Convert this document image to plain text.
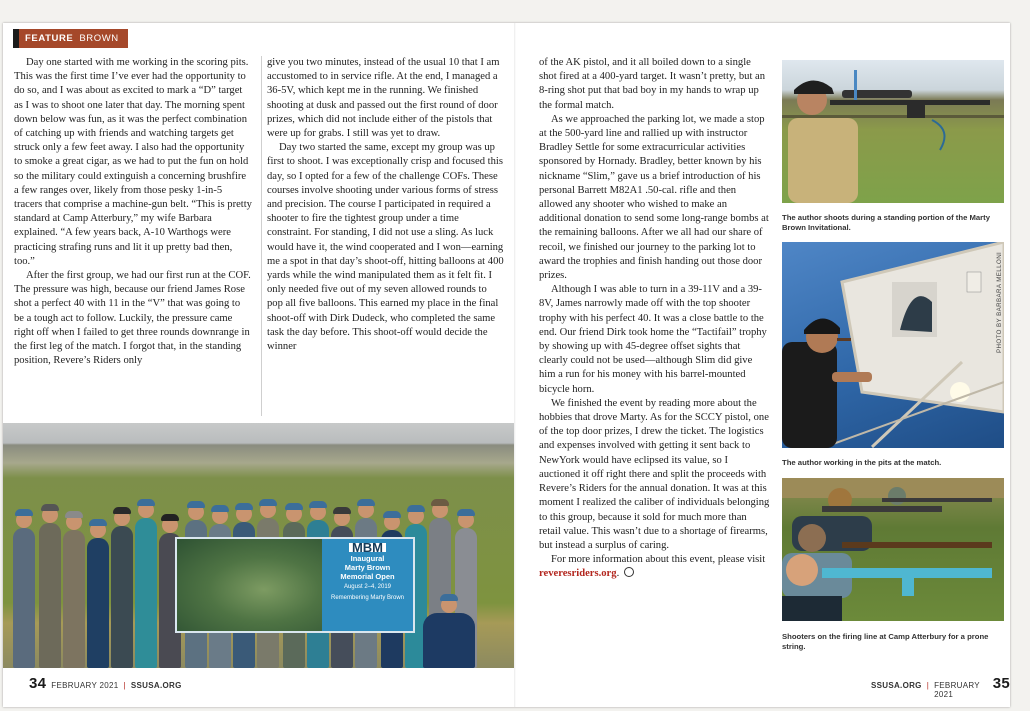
FEATURE BROWN

Day one started with me working in the scoring pits. This was the first time I’ve ever had the opportunity to do so, and I was about as excited to mark a “D” target as I was to shoot one later that day. The morning spent down below was fun, as it was the perfect combination of catching up with friends and watching targets get struck only a few feet away. I also had the opportunity to smoke a great cigar, as we had to put the fun on hold so the military could extinguish a concerning brushfire a few ranges over, likely from those pesky 1-in-5 tracers that comprise a machine-gun belt. “This is pretty standard at Camp Atterbury,” my wife Barbara explained. “A few years back, A-10 Warthogs were practicing strafing runs and lit it up pretty bad then, too.”

After the first group, we had our first run at the COF. The pressure was high, because our friend James Rose shot a perfect 40 with 11 in the “V” that was going to be a tough act to follow. Luckily, the pressure came right off when I failed to get three rounds downrange in the first leg of the match. I forgot that, in the standing position, Revere’s Riders only

give you two minutes, instead of the usual 10 that I am accustomed to in service rifle. At the end, I managed a 36-5V, which kept me in the running. We finished shooting at dusk and passed out the first round of door prizes, which did not include either of the pistols that were up for grabs. I still was yet to draw.

Day two started the same, except my group was up first to shoot. I was exceptionally crisp and focused this day, so I opted for a few of the challenge COFs. These courses involve shooting under various forms of stress and precision. The course I participated in required a shooter to fire the tightest group under a time constraint. For standing, I did not use a sling. As luck would have it, the wind cooperated and I won—earning me a spot in that day’s shoot-off, hitting balloons at 400 yards while the wind manipulated them as it felt fit. I only needed five out of my seven allowed rounds to pop all five balloons. This earned my place in the final shoot-off with Dirk Dudeck, who completed the same task the day before. This shoot-off would decide the winner

of the AK pistol, and it all boiled down to a single shot fired at a 400-yard target. It wasn’t pretty, but an 8-ring shot put that bad boy in my hands to wrap up the formal match.

As we approached the parking lot, we made a stop at the 500-yard line and rallied up with instructor Bradley Settle for some extracurricular activities sponsored by Hornady. Bradley, better known by his nickname “Slim,” gave us a brief introduction of his personal Barrett M82A1 .50-cal. rifle and then allowed any shooter who wished to make an additional donation to send some long-range bombs at the remaining balloons. After we all had our share of recoil, we finished our journey to the parking lot to award the trophies and finish handing out those door prizes.

Although I was able to turn in a 39-11V and a 39-8V, James narrowly made off with the top shooter trophy with his perfect 40. It was a close battle to the end. Our friend Dirk took home the “Tactifail” trophy by showing up with 45-degree offset sights that clearly could not be used—although Slim did give him a run for his money with his barrel-mounted bicycle horn.

We finished the event by reading more about the hobbies that drove Marty. As for the SCCY pistol, one of the top door prizes, I drew the ticket. The logistics and expenses involved with getting it sent back to NewYork would have eclipsed its value, so I auctioned it off right there and split the proceeds with Revere’s Riders for the annual donation. It was at this moment I realized the caliber of individuals belonging to this group, because it sold for much more than retail value. This wasn’t due to a shortage of firearms, but instead a surplus of caring.

For more information about this event, please visit reveresriders.org.

MBM
Inaugural
Marty Brown
Memorial Open
August 2–4, 2019
Remembering Marty Brown
The author shoots during a standing portion of the Marty Brown Invitational.
The author working in the pits at the match.
PHOTO BY BARBARA MELLONI
Shooters on the firing line at Camp Atterbury for a prone string.
34 FEBRUARY 2021 | SSUSA.ORG	SSUSA.ORG | FEBRUARY 2021
35
